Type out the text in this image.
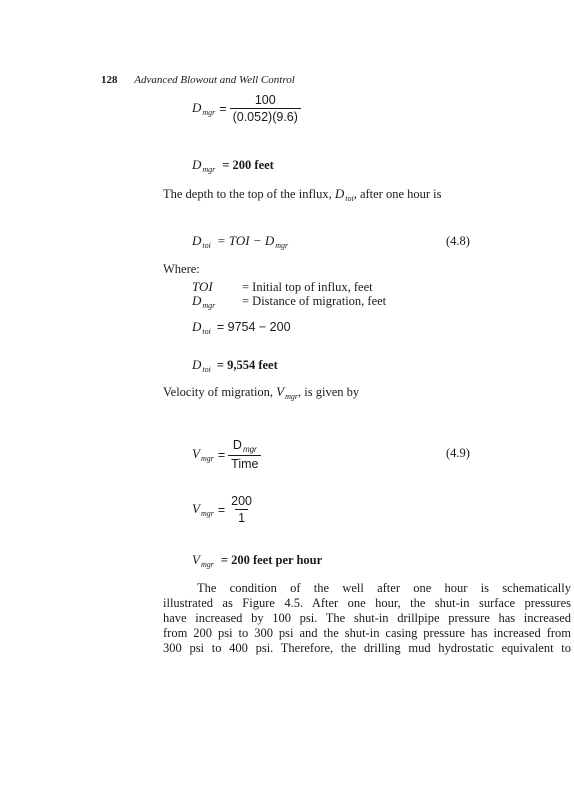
128 Advanced Blowout and Well Control
$D_{mgr} = \frac{100}{(0.052)(9.6)}$
$D_{mgr} = 200$ feet
The depth to the top of the influx, $D_{toi}$, after one hour is
$D_{toi}$ = TOI − $D_{mgr}$	(4.8)
Where:
TOI = Initial top of influx, feet
$D_{mgr}$ = Distance of migration, feet
$D_{toi} = 9754 - 200$
$D_{toi} = 9,554$ feet
Velocity of migration, $V_{mgr}$, is given by
$V_{mgr} = \frac{D_{mgr}}{\text{Time}}$	(4.9)
$V_{mgr} = \frac{200}{1}$
$V_{mgr} = 200$ feet per hour
The condition of the well after one hour is schematically
illustrated as Figure 4.5. After one hour, the shut-in surface pressures
have increased by 100 psi. The shut-in drillpipe pressure has increased
from 200 psi to 300 psi and the shut-in casing pressure has increased from
300 psi to 400 psi. Therefore, the drilling mud hydrostatic equivalent to
